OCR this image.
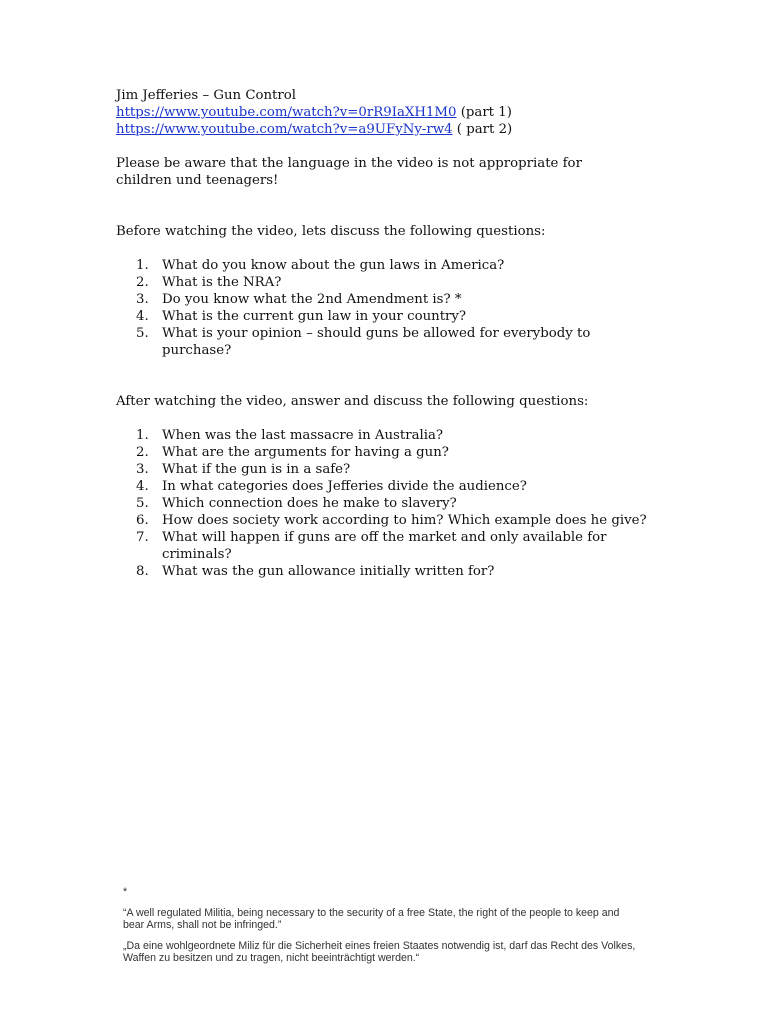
Jim Jefferies – Gun Control
https://www.youtube.com/watch?v=0rR9IaXH1M0 (part 1)
https://www.youtube.com/watch?v=a9UFyNy-rw4 ( part 2)
Please be aware that the language in the video is not appropriate for children und teenagers!
Before watching the video, lets discuss the following questions:
1. What do you know about the gun laws in America?
2. What is the NRA?
3. Do you know what the 2nd Amendment is? *
4. What is the current gun law in your country?
5. What is your opinion – should guns be allowed for everybody to purchase?
After watching the video, answer and discuss the following questions:
1. When was the last massacre in Australia?
2. What are the arguments for having a gun?
3. What if the gun is in a safe?
4. In what categories does Jefferies divide the audience?
5. Which connection does he make to slavery?
6. How does society work according to him? Which example does he give?
7. What will happen if guns are off the market and only available for criminals?
8. What was the gun allowance initially written for?
*

“A well regulated Militia, being necessary to the security of a free State, the right of the people to keep and bear Arms, shall not be infringed.”

„Da eine wohlgeordnete Miliz für die Sicherheit eines freien Staates notwendig ist, darf das Recht des Volkes, Waffen zu besitzen und zu tragen, nicht beeinträchtigt werden.“
